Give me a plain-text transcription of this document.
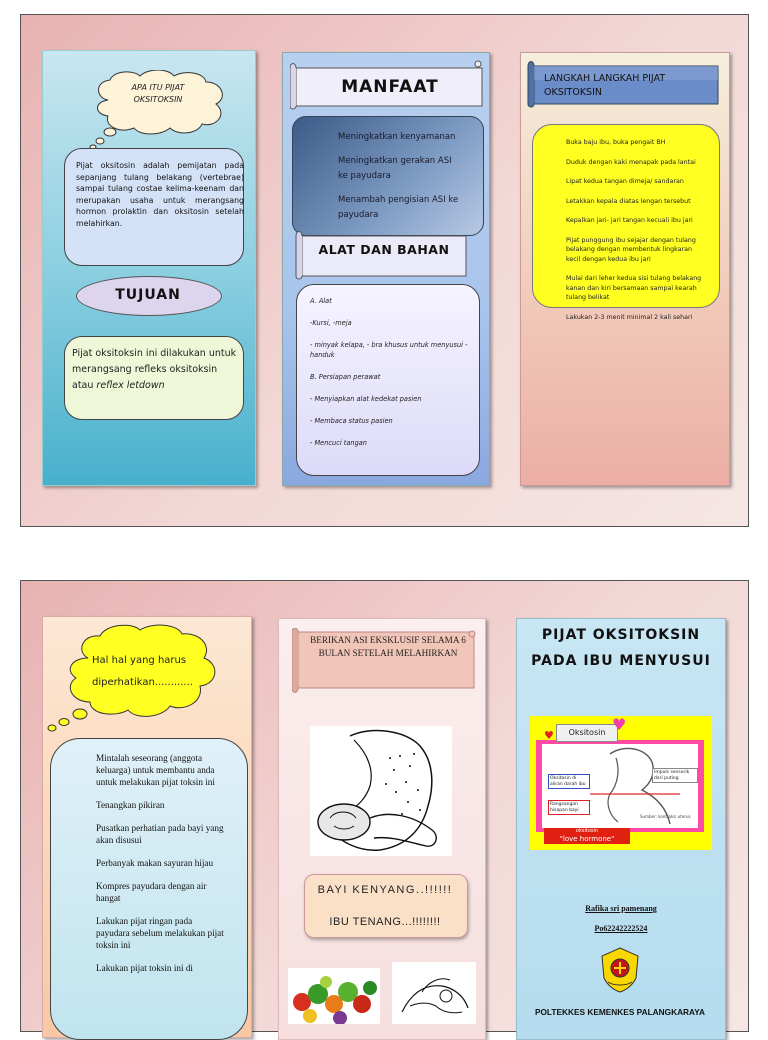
APA ITU PIJAT OKSITOKSIN
Pijat oksitosin adalah pemijatan pada sepanjang tulang belakang (vertebrae) sampai tulang costae kelima-keenam dan merupakan usaha untuk merangsang hormon prolaktin dan oksitosin setelah melahirkan.
TUJUAN
Pijat oksitoksin ini dilakukan untuk merangsang refleks oksitoksin atau reflex letdown
MANFAAT
Meningkatkan kenyamanan
Meningkatkan gerakan ASI ke payudara
Menambah pengisian ASI ke payudara
ALAT DAN BAHAN
A. Alat
-Kursi, -meja
- minyak kelapa, - bra khusus untuk menyusui -handuk
B. Persiapan perawat
- Menyiapkan alat kedekat pasien
- Membaca status pasien
- Mencuci tangan
LANGKAH LANGKAH PIJAT OKSITOKSIN
Buka baju ibu, buka pengait BH
Duduk dengan kaki menapak pada lantai
Lipat kedua tangan dimeja/ sandaran
Letakkan kepala diatas lengan tersebut
Kepalkan jari- jari tangan kecuali ibu jari
Pijat punggung ibu sejajar dengan tulang belakang dengan membentuk lingkaran kecil dengan kedua ibu jari
Mulai dari leher kedua sisi tulang belakang kanan dan kiri bersamaan sampai kearah tulang belikat
Lakukan 2-3 menit minimal 2 kali sehari
Hal hal yang harus diperhatikan............

Mintalah seseorang (anggota keluarga) untuk membantu anda untuk melakukan pijat toksin ini

Tenangkan pikiran

Pusatkan perhatian pada bayi yang akan disusui

Perbanyak makan sayuran hijau

Kompres payudara dengan air hangat

Lakukan pijat ringan pada payudara sebelum melakukan pijat toksin ini

Lakukan pijat toksin ini di

BERIKAN ASI EKSKLUSIF SELAMA 6 BULAN SETELAH MELAHIRKAN
BAYI KENYANG..!!!!!!
IBU TENANG...!!!!!!!!
PIJAT OKSITOKSIN PADA IBU MENYUSUI
Oksitosin ♥
♥
Oksitosin di aliran darah ibu
Rangsangan hisapan bayi
Impuls sensorik dari puting
Sumber: kontraksi uterus
oksitosin
"love hormone"
Rafika sri pamenang
Po62242222524
POLTEKKES KEMENKES PALANGKARAYA
